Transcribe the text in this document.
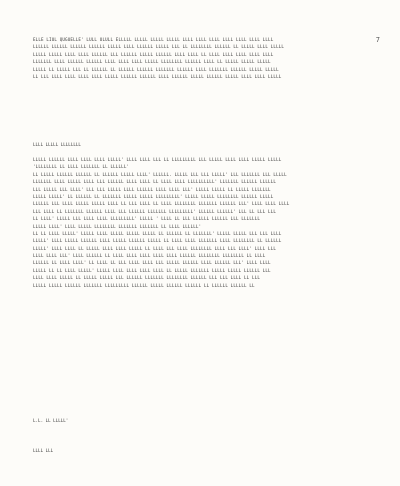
7
ELLE LIUL QUGUELLE' LULL ULULL ELLLLL LLLLL LLLLL LLLLL LLLL LLLL LLLL LLLL LLLL LLLL LLLL
LLLLLL LLLLLL LLLLLL LLLLLL LLLLL LLLL LLLLLL LLLLL LLL LL LLLLLLLL LLLLLL LL LLLLL LLLL LLLLL
LLLLL LLLLL LLLL LLLL LLLLLL LLL LLLLLL LLLLL LLLLLL LLLL LLLL LL LLLL LLLL LLLL LLLL LLLL
LLLLLLL LLLL LLLLLL LLLLLL LLLL LLLL LLLL LLLLL LLLLLLLL LLLLLL LLLL LL LLLLL LLLLL LLLLL
LLLLL LL LLLLL LLL LL LLLLLL LL LLLLLL LLLLLL LLLLLLL LLLLLL LLLL LLLLLLL LLLLLL LLLLL LLLLL
LL LLL LLLL LLLL LLLL LLLL LLLLL LLLLLL LLLLLL LLLL LLLLLL LLLLL LLLLLL LLLLL LLLL LLLL LLLLL
LLLL LLLLL LLLLLLLL
LLLLL LLLLLL LLLL LLLL LLLL LLLLL' LLLL LLLL LLL LL LLLLLLLLL LLL LLLLL LLLL LLLL LLLLL LLLLL
'LLLLLLLL LL LLLL LLLLLLL LL LLLLLL'
LL LLLLL LLLLLL LLLLLL LL LLLLLL LLLLL LLLL' LLLLLL. LLLLL LLL LLL LLLLL' LLL LLLLLLL LLL LLLLL
LLLLLLL LLLL LLLLL LLLL LLL LLLLLL LLLL LLLL LL LLLL LLLL LLLLLLLLLL' LLLLLLL LLLLLL LLLLLL
LLL LLLLL LLL LLLL' LLL LLL LLLLL LLLL LLLLLL LLLL LLLL LLL' LLLLL LLLLL LL LLLLL LLLLLLL
LLLLL LLLLL' LL LLLLLL LL LLLLLLL LLLLL LLLLL LLLLLLLLL' LLLLL LLLLL LLLLLLLL LLLLLL LLLLL
LLLLLL LLL LLLL LLLLL LLLLL LLLL LL LLL LLLL LL LLLL LLLLLLLL LLLLLLL LLLLLL LLL' LLLL LLLL LLLL
LLL LLLL LL LLLLLLL LLLLLL LLLL LLL LLLLLL LLLLLLL LLLLLLLLL' LLLLLL LLLLLL' LLL LL LLL LLL
LL LLLL' LLLLL LLL LLLL LLLL LLLLLLLLL' LLLLL ' LLLL LL LLL LLLLLL LLLLLL LLL LLLLLLL
LLLLL LLLL' LLLL LLLLL LLLLLLLL LLLLLLL LLLLLLL LL LLLL LLLLLL'
LL LL LLLL LLLLL' LLLLL LLLL LLLLL LLLLL LLLLL LL LLLLLL LL LLLLLLL' LLLLL LLLLL LLL LLL LLLL
LLLLL' LLLL LLLLL LLLLLL LLLL LLLLL LLLLLL LLLLL LL LLLL LLLL LLLLLLL LLLL LLLLLLLL LL LLLLLL
LLLLL' LLLL LLLL LL LLLLL LLLL LLLL LLLLL LL LLLL LLL LLLL LLLLLLLL LLLL LLL LLLL' LLLL LLL
LLLL LLLL LLL' LLLL LLLLLL LL LLLL LLLL LLLL LLLL LLLL LLLLLL LLLLLLLL LLLLLLLL LL LLLL
LLLLLL LL LLLL LLLL' LL LLLL LL LLL LLLL LLLL LLL LLLLL LLLLLL LLLL LLLLLL LLL' LLLL LLLL
LLLLL LL LL LLLL LLLLL' LLLLL LLLL LLLL LLLL LLLL LL LLLLL LLLLLLL LLLLL LLLLL LLLLLL LLL
LLLL LLLL LLLLL LL LLLLL LLLLL LLL LLLLLL LLLLLLL LLLLLLLL LLLLLL LLL LLL LLLL LL LLL
LLLLL LLLLL LLLLLL LLLLLLL LLLLLLLLL LLLLLL LLLLL LLLLLL LLLLLL LL LLLLLL LLLLLL LL
L.L. LL LLLLL'
LLLL LLL
